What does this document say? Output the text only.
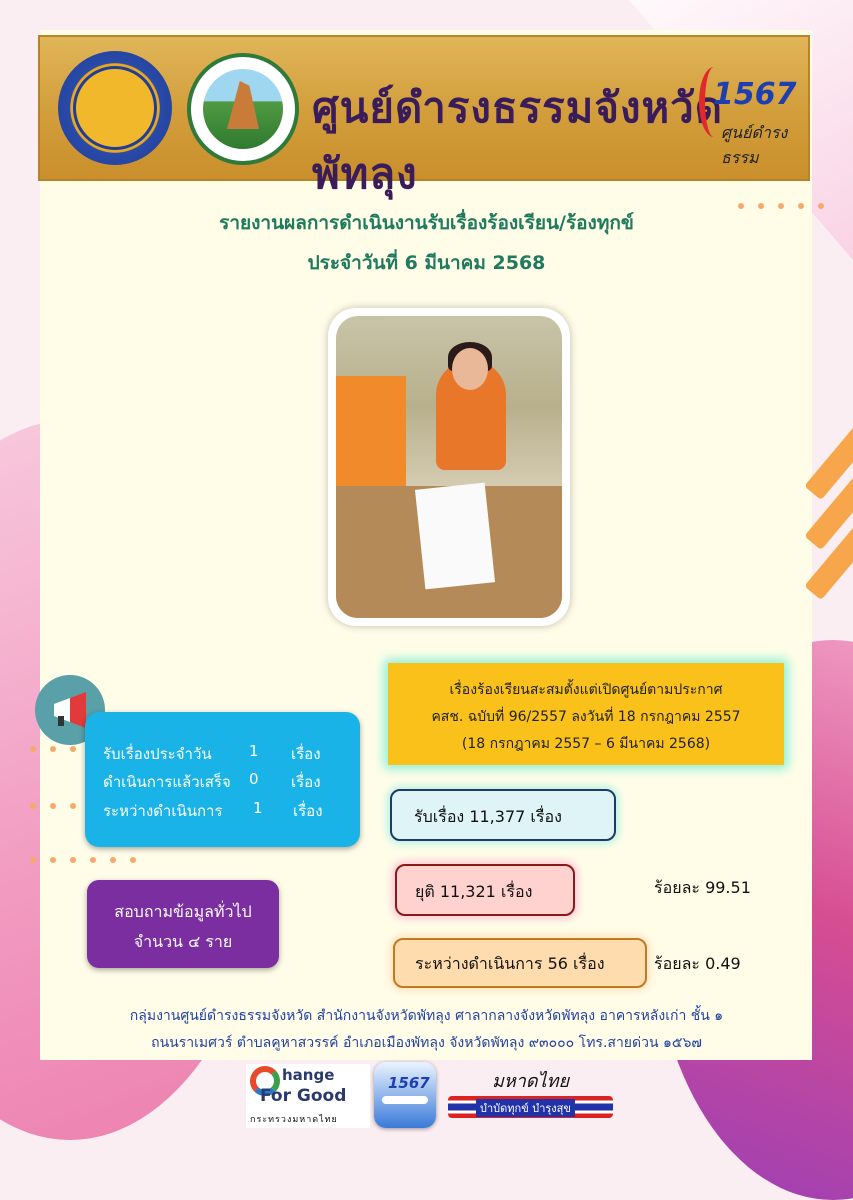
ศูนย์ดำรงธรรมจังหวัดพัทลุง
1567
ศูนย์ดำรงธรรม
รายงานผลการดำเนินงานรับเรื่องร้องเรียน/ร้องทุกข์
ประจำวันที่ 6 มีนาคม 2568
รับเรื่องประจำวัน 1 เรื่อง
ดำเนินการแล้วเสร็จ 0 เรื่อง
ระหว่างดำเนินการ 1 เรื่อง
สอบถามข้อมูลทั่วไป
จำนวน ๔ ราย
เรื่องร้องเรียนสะสมตั้งแต่เปิดศูนย์ตามประกาศ
คสช. ฉบับที่ 96/2557 ลงวันที่ 18 กรกฎาคม 2557
(18 กรกฎาคม 2557 – 6 มีนาคม 2568)
รับเรื่อง 11,377 เรื่อง
ยุติ 11,321 เรื่อง	ร้อยละ 99.51
ระหว่างดำเนินการ 56 เรื่อง	ร้อยละ 0.49
กลุ่มงานศูนย์ดำรงธรรมจังหวัด สำนักงานจังหวัดพัทลุง ศาลากลางจังหวัดพัทลุง อาคารหลังเก่า ชั้น ๑
ถนนราเมศวร์ ตำบลคูหาสวรรค์ อำเภอเมืองพัทลุง จังหวัดพัทลุง ๙๓๐๐๐ โทร.สายด่วน ๑๕๖๗
hange
For Good
กระทรวงมหาดไทย
1567	มหาดไทย
บำบัดทุกข์ บำรุงสุข
